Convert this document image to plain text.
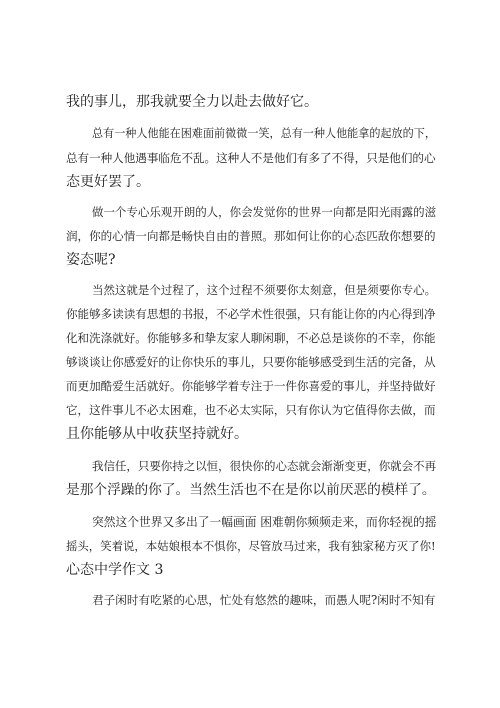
我的事儿，那我就要全力以赴去做好它。

总有一种人他能在困难面前微微一笑，总有一种人他能拿的起放的下，

总有一种人他遇事临危不乱。这种人不是他们有多了不得，只是他们的心

态更好罢了。

做一个专心乐观开朗的人，你会发觉你的世界一向都是阳光雨露的滋

润，你的心情一向都是畅快自由的普照。那如何让你的心态匹敌你想要的

姿态呢?

当然这就是个过程了，这个过程不须要你太刻意，但是须要你专心。

你能够多读读有思想的书报，不必学术性很强，只有能让你的内心得到净

化和洗涤就好。你能够多和挚友家人聊闲聊，不必总是谈你的不幸，你能

够谈谈让你感爱好的让你快乐的事儿，只要你能够感受到生活的完备，从

而更加酷爱生活就好。你能够学着专注于一件你喜爱的事儿，并坚持做好

它，这件事儿不必太困难，也不必太实际，只有你认为它值得你去做，而

且你能够从中收获坚持就好。

我信任，只要你持之以恒，很快你的心态就会渐渐变更，你就会不再

是那个浮躁的你了。当然生活也不在是你以前厌恶的模样了。

突然这个世界又多出了一幅画面 困难朝你频频走来，而你轻视的摇

摇头，笑着说，本姑娘根本不惧你，尽管放马过来，我有独家秘方灭了你!

心态中学作文 3

君子闲时有吃紧的心思，忙处有悠然的趣味，而愚人呢?闲时不知有
